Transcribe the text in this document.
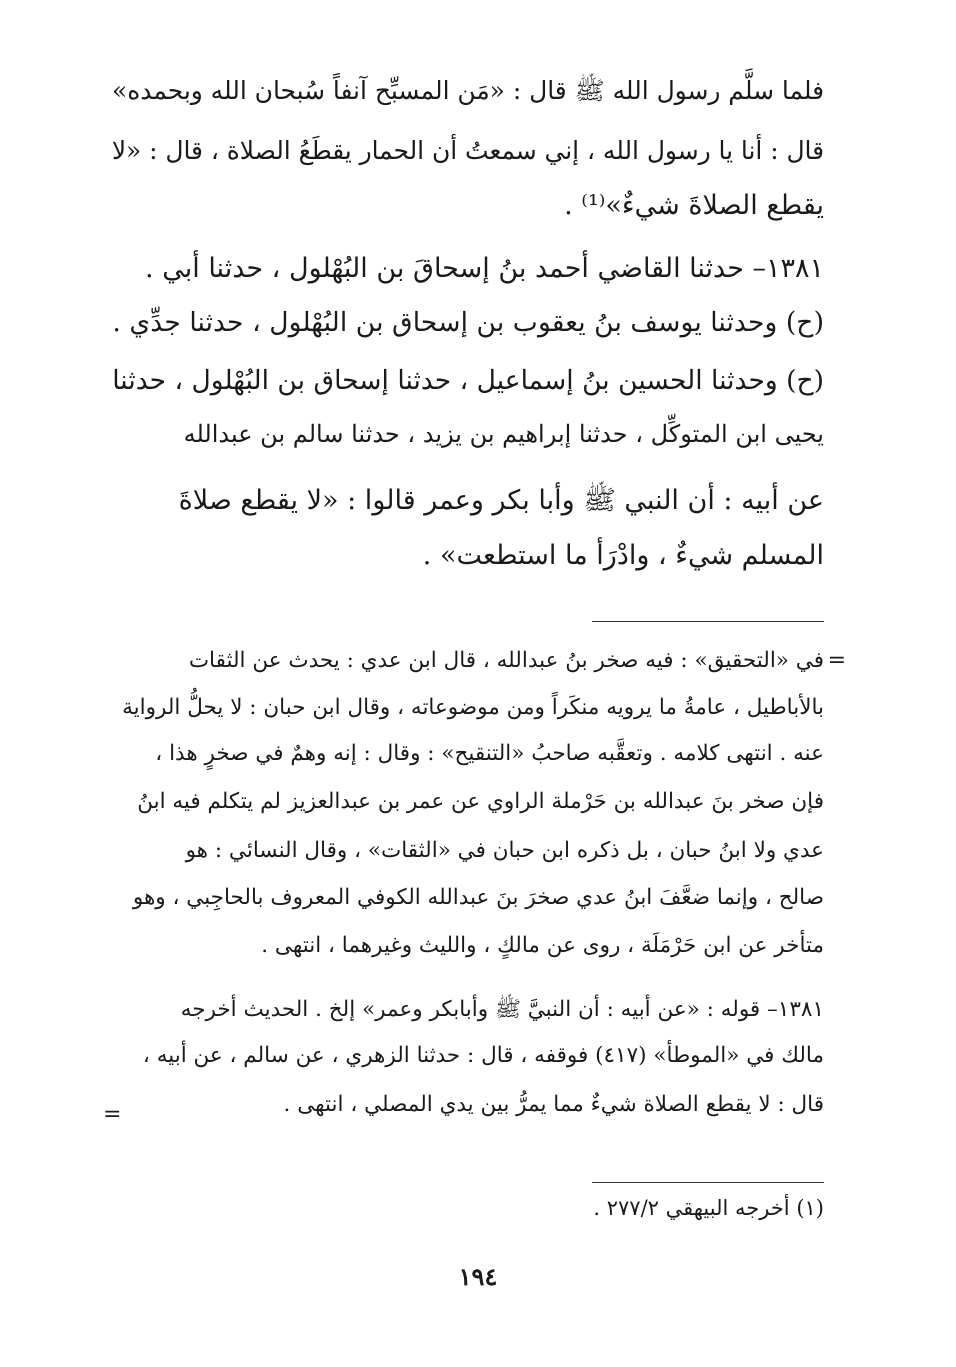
فلما سلَّم رسول الله ﷺ قال : «مَن المسبِّح آنفاً سُبحان الله وبحمده»
قال : أنا يا رسول الله ، إني سمعتُ أن الحمار يقطَعُ الصلاة ، قال : «لا
يقطع الصلاةَ شيءٌ»⁽¹⁾ .
١٣٨١– حدثنا القاضي أحمد بنُ إسحاقَ بن البُهْلول ، حدثنا أبي .
(ح) وحدثنا يوسف بنُ يعقوب بن إسحاق بن البُهْلول ، حدثنا جدِّي .
(ح) وحدثنا الحسين بنُ إسماعيل ، حدثنا إسحاق بن البُهْلول ، حدثنا
يحيى ابن المتوكِّل ، حدثنا إبراهيم بن يزيد ، حدثنا سالم بن عبدالله
عن أبيه : أن النبي ﷺ وأبا بكر وعمر قالوا : «لا يقطع صلاةَ
المسلم شيءٌ ، وادْرَأ ما استطعت» .
=
في «التحقيق» : فيه صخر بنُ عبدالله ، قال ابن عدي : يحدث عن الثقات
بالأباطيل ، عامةُ ما يرويه منكَراً ومن موضوعاته ، وقال ابن حبان : لا يحلُّ الرواية
عنه . انتهى كلامه . وتعقَّبه صاحبُ «التنقيح» : وقال : إنه وهمٌ في صخرٍ هذا ،
فإن صخر بنَ عبدالله بن حَرْملة الراوي عن عمر بن عبدالعزيز لم يتكلم فيه ابنُ
عدي ولا ابنُ حبان ، بل ذكره ابن حبان في «الثقات» ، وقال النسائي : هو
صالح ، وإنما ضعَّفَ ابنُ عدي صخرَ بنَ عبدالله الكوفي المعروف بالحاجِبي ، وهو
متأخر عن ابن حَرْمَلَة ، روى عن مالكٍ ، والليث وغيرهما ، انتهى .
١٣٨١– قوله : «عن أبيه : أن النبيَّ ﷺ وأبابكر وعمر» إلخ . الحديث أخرجه
مالك في «الموطأ» (٤١٧) فوقفه ، قال : حدثنا الزهري ، عن سالم ، عن أبيه ،
قال : لا يقطع الصلاة شيءٌ مما يمرُّ بين يدي المصلي ، انتهى .
=
(١) أخرجه البيهقي ٢٧٧/٢ .
١٩٤
